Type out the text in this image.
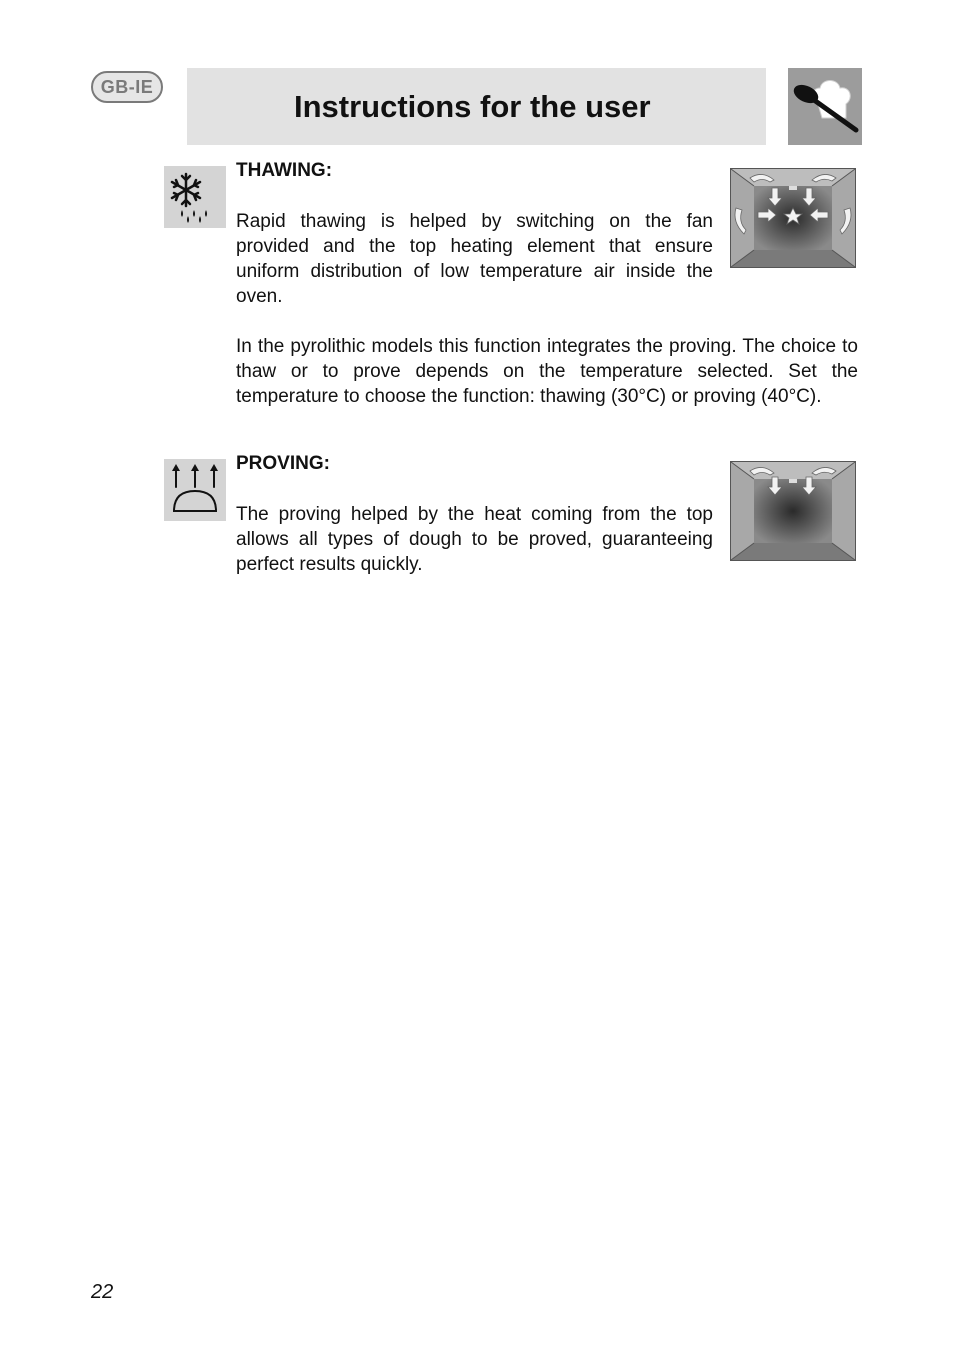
GB-IE
Instructions for the user
THAWING:

Rapid thawing is helped by switching on the fan provided and the top heating element that ensure uniform distribution of low temperature air inside the oven.

In the pyrolithic models this function integrates the proving. The choice to thaw or to prove depends on the temperature selected. Set the temperature to choose the function: thawing (30°C) or proving (40°C).

PROVING:

The proving helped by the heat coming from the top allows all types of dough to be proved, guaranteeing perfect results quickly.

22
